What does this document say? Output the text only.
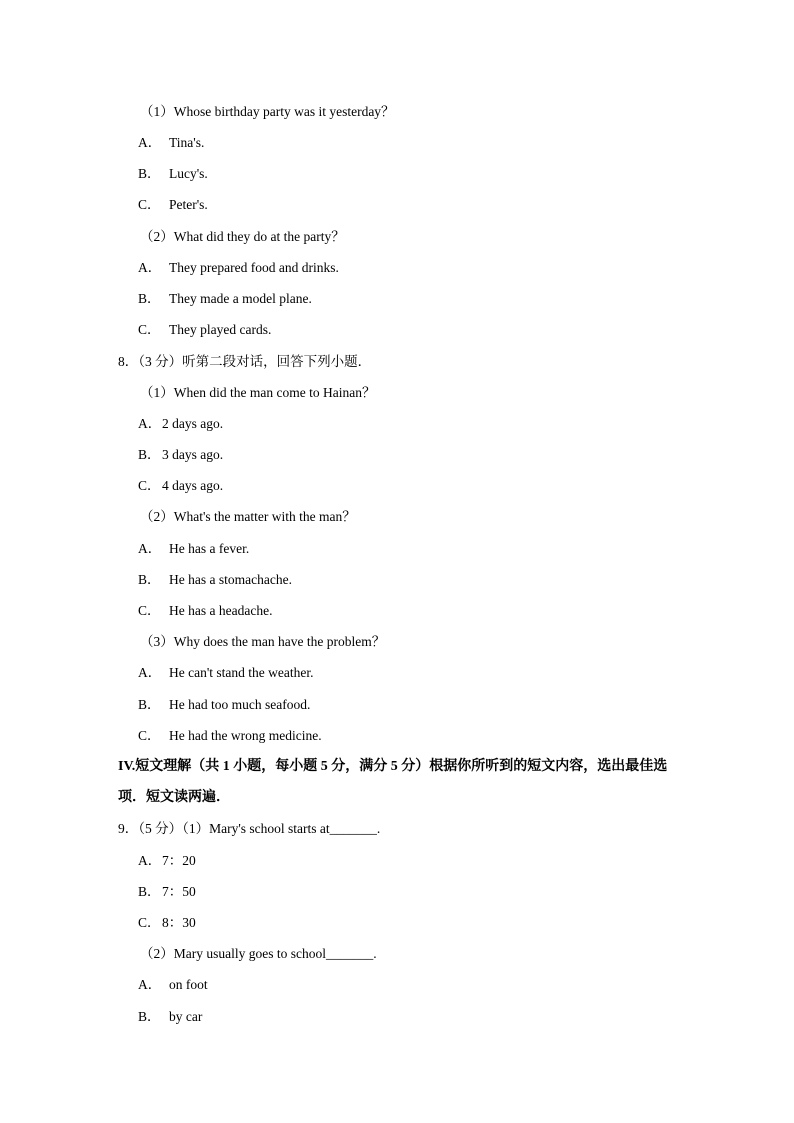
（1）Whose birthday party was it yesterday？
A． Tina's.
B． Lucy's.
C． Peter's.
（2）What did they do at the party？
A． They prepared food and drinks.
B． They made a model plane.
C． They played cards.
8．（3 分）听第二段对话，回答下列小题．
（1）When did the man come to Hainan？
A． 2 days ago.
B． 3 days ago.
C． 4 days ago.
（2）What's the matter with the man？
A． He has a fever.
B． He has a stomachache.
C． He has a headache.
（3）Why does the man have the problem？
A． He can't stand the weather.
B． He had too much seafood.
C． He had the wrong medicine.
IV.短文理解（共 1 小题，每小题 5 分，满分 5 分）根据你所听到的短文内容，选出最佳选
项．短文读两遍．
9．（5 分）（1）Mary's school starts at_______.
A． 7：20
B． 7：50
C． 8：30
（2）Mary usually goes to school_______.
A． on foot
B． by car
